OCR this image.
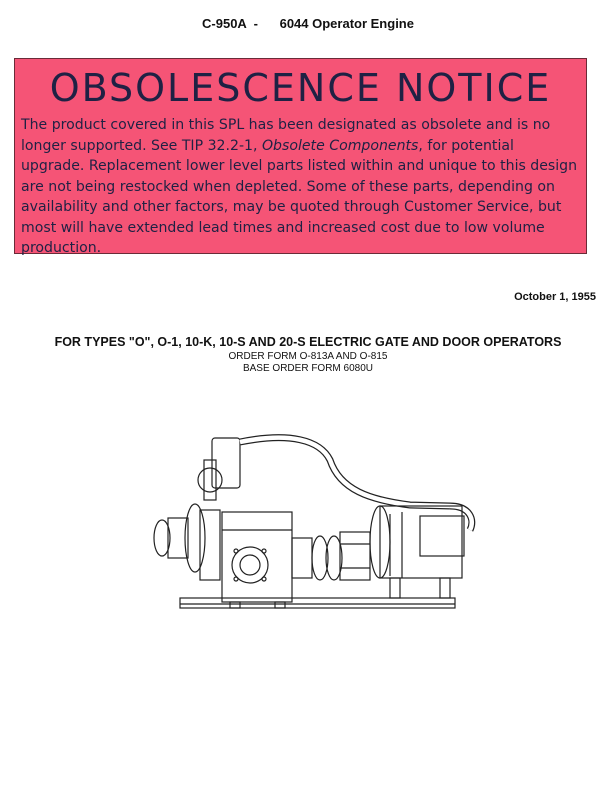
C-950A - 6044 Operator Engine
OBSOLESCENCE NOTICE
The product covered in this SPL has been designated as obsolete and is no longer supported. See TIP 32.2-1, Obsolete Components, for potential upgrade. Replacement lower level parts listed within and unique to this design are not being restocked when depleted. Some of these parts, depending on availability and other factors, may be quoted through Customer Service, but most will have extended lead times and increased cost due to low volume production.
October 1, 1955
FOR TYPES "O", O-1, 10-K, 10-S AND 20-S ELECTRIC GATE AND DOOR OPERATORS
ORDER FORM O-813A AND O-815
BASE ORDER FORM 6080U
